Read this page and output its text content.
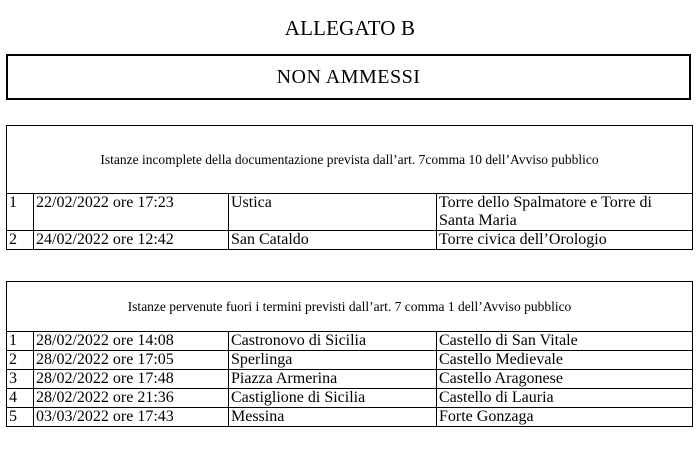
ALLEGATO B
NON AMMESSI
Istanze incomplete della documentazione prevista dall’art. 7comma 10 dell’Avviso pubblico			
1	22/02/2022 ore 17:23	Ustica	Torre dello Spalmatore e Torre di Santa Maria
2	24/02/2022 ore 12:42	San Cataldo	Torre civica dell’Orologio
Istanze pervenute fuori i termini previsti dall’art. 7 comma 1 dell’Avviso pubblico			
1	28/02/2022 ore 14:08	Castronovo di Sicilia	Castello di San Vitale
2	28/02/2022 ore 17:05	Sperlinga	Castello Medievale
3	28/02/2022 ore 17:48	Piazza Armerina	Castello Aragonese
4	28/02/2022 ore 21:36	Castiglione di Sicilia	Castello di Lauria
5	03/03/2022 ore 17:43	Messina	Forte Gonzaga
